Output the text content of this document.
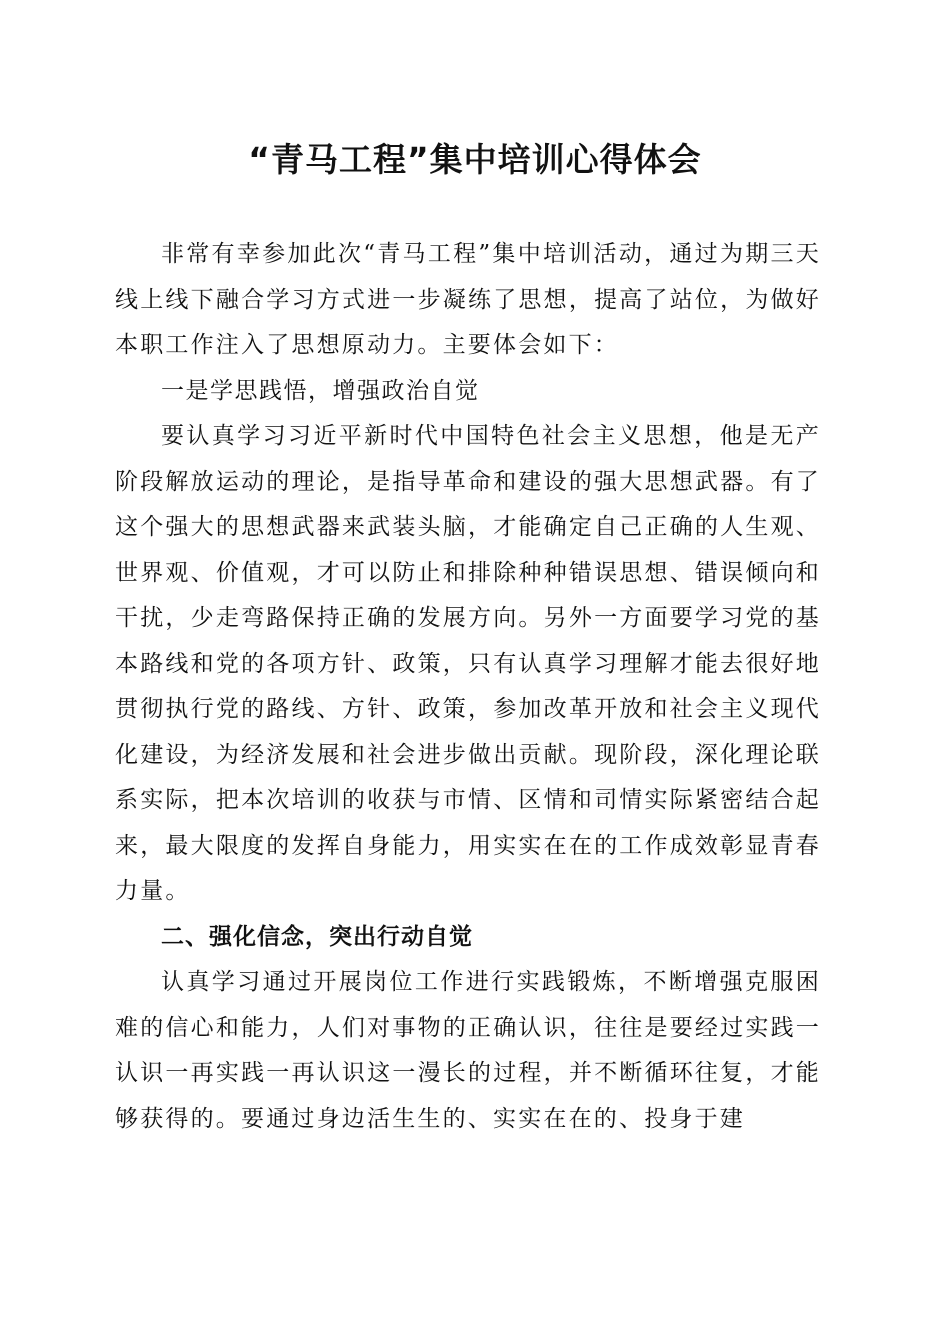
“青马工程”集中培训心得体会

非常有幸参加此次“青马工程”集中培训活动，通过为期三天线上线下融合学习方式进一步凝练了思想，提高了站位，为做好本职工作注入了思想原动力。主要体会如下：

一是学思践悟，增强政治自觉

要认真学习习近平新时代中国特色社会主义思想，他是无产阶段解放运动的理论，是指导革命和建设的强大思想武器。有了这个强大的思想武器来武装头脑，才能确定自己正确的人生观、世界观、价值观，才可以防止和排除种种错误思想、错误倾向和干扰，少走弯路保持正确的发展方向。另外一方面要学习党的基本路线和党的各项方针、政策，只有认真学习理解才能去很好地贯彻执行党的路线、方针、政策，参加改革开放和社会主义现代化建设，为经济发展和社会进步做出贡献。现阶段，深化理论联系实际，把本次培训的收获与市情、区情和司情实际紧密结合起来，最大限度的发挥自身能力，用实实在在的工作成效彰显青春力量。

二、强化信念，突出行动自觉

认真学习通过开展岗位工作进行实践锻炼，不断增强克服困难的信心和能力，人们对事物的正确认识，往往是要经过实践一认识一再实践一再认识这一漫长的过程，并不断循环往复，才能够获得的。要通过身边活生生的、实实在在的、投身于建
